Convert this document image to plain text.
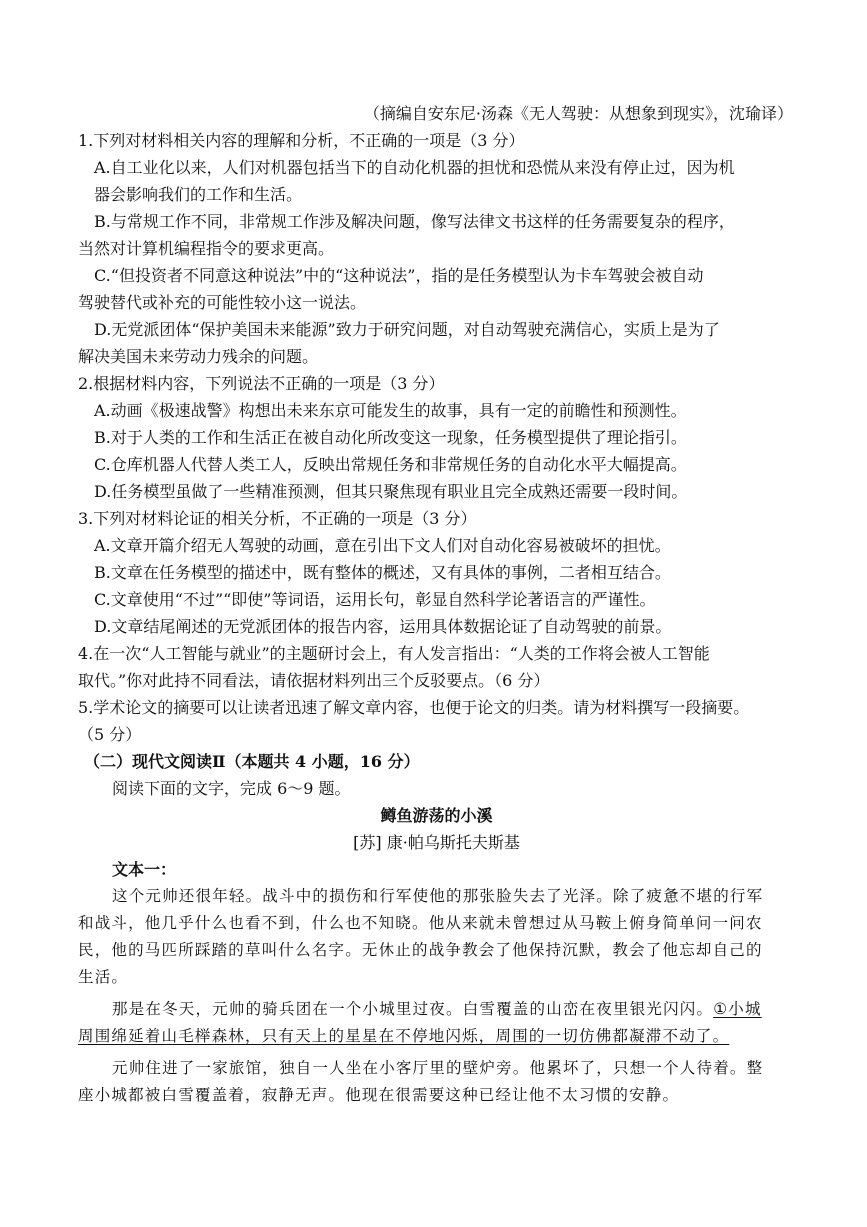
（摘编自安东尼·汤森《无人驾驶：从想象到现实》，沈瑜译）
1.下列对材料相关内容的理解和分析，不正确的一项是（3 分）
A.自工业化以来，人们对机器包括当下的自动化机器的担忧和恐慌从来没有停止过，因为机
器会影响我们的工作和生活。
B.与常规工作不同，非常规工作涉及解决问题，像写法律文书这样的任务需要复杂的程序，
当然对计算机编程指令的要求更高。
C.“但投资者不同意这种说法”中的“这种说法”，指的是任务模型认为卡车驾驶会被自动
驾驶替代或补充的可能性较小这一说法。
D.无党派团体“保护美国未来能源”致力于研究问题，对自动驾驶充满信心，实质上是为了
解决美国未来劳动力残余的问题。
2.根据材料内容，下列说法不正确的一项是（3 分）
A.动画《极速战警》构想出未来东京可能发生的故事，具有一定的前瞻性和预测性。
B.对于人类的工作和生活正在被自动化所改变这一现象，任务模型提供了理论指引。
C.仓库机器人代替人类工人，反映出常规任务和非常规任务的自动化水平大幅提高。
D.任务模型虽做了一些精准预测，但其只聚焦现有职业且完全成熟还需要一段时间。
3.下列对材料论证的相关分析，不正确的一项是（3 分）
A.文章开篇介绍无人驾驶的动画，意在引出下文人们对自动化容易被破坏的担忧。
B.文章在任务模型的描述中，既有整体的概述，又有具体的事例，二者相互结合。
C.文章使用“不过”“即使”等词语，运用长句，彰显自然科学论著语言的严谨性。
D.文章结尾阐述的无党派团体的报告内容，运用具体数据论证了自动驾驶的前景。
4.在一次“人工智能与就业”的主题研讨会上，有人发言指出：“人类的工作将会被人工智能
取代。”你对此持不同看法，请依据材料列出三个反驳要点。（6 分）
5.学术论文的摘要可以让读者迅速了解文章内容，也便于论文的归类。请为材料撰写一段摘要。
（5 分）
（二）现代文阅读Ⅱ（本题共 4 小题，16 分）
阅读下面的文字，完成 6～9 题。
鳟鱼游荡的小溪
[苏] 康·帕乌斯托夫斯基
文本一：
这个元帅还很年轻。战斗中的损伤和行军使他的那张脸失去了光泽。除了疲惫不堪的行军
和战斗，他几乎什么也看不到，什么也不知晓。他从来就未曾想过从马鞍上俯身简单问一问农
民，他的马匹所踩踏的草叫什么名字。无休止的战争教会了他保持沉默，教会了他忘却自己的
生活。
那是在冬天，元帅的骑兵团在一个小城里过夜。白雪覆盖的山峦在夜里银光闪闪。①小城
周围绵延着山毛榉森林，只有天上的星星在不停地闪烁，周围的一切仿佛都凝滞不动了。
元帅住进了一家旅馆，独自一人坐在小客厅里的壁炉旁。他累坏了，只想一个人待着。整
座小城都被白雪覆盖着，寂静无声。他现在很需要这种已经让他不太习惯的安静。
